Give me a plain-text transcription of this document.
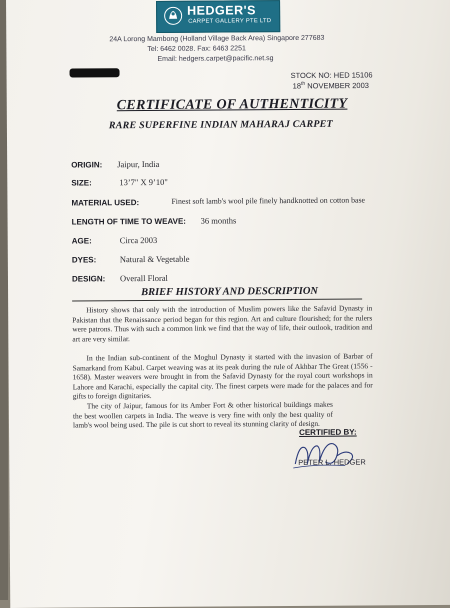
HEDGER'S
CARPET GALLERY PTE LTD
24A Lorong Mambong (Holland Village Back Area) Singapore 277683
Tel: 6462 0028. Fax: 6463 2251
Email: hedgers.carpet@pacific.net.sg
STOCK NO: HED 15106
18th NOVEMBER 2003
CERTIFICATE OF AUTHENTICITY
RARE SUPERFINE INDIAN MAHARAJ CARPET
ORIGIN: Jaipur, India
SIZE:	13’7" X 9’10"
MATERIAL USED:	Finest soft lamb's wool pile finely handknotted on cotton base
LENGTH OF TIME TO WEAVE: 36 months
AGE:	Circa 2003
DYES:	Natural & Vegetable
DESIGN: Overall Floral
BRIEF HISTORY AND DESCRIPTION
History shows that only with the introduction of Muslim powers like the Safavid Dynasty in Pakistan that the Renaissance period began for this region. Art and culture flourished; for the rulers were patrons. Thus with such a common link we find that the way of life, their outlook, tradition and art are very similar.
In the Indian sub-continent of the Moghul Dynasty it started with the invasion of Barbar of Samarkand from Kabul. Carpet weaving was at its peak during the rule of Akhbar The Great (1556 - 1658). Master weavers were brought in from the Safavid Dynasty for the royal court workshops in Lahore and Karachi, especially the capital city. The finest carpets were made for the palaces and for gifts to foreign dignitaries.
The city of Jaipur, famous for its Amber Fort & other historical buildings makes the best woollen carpets in India. The weave is very fine with only the best quality of lamb's wool being used. The pile is cut short to reveal its stunning clarity of design.
CERTIFIED BY:
PETER L. HEDGER
